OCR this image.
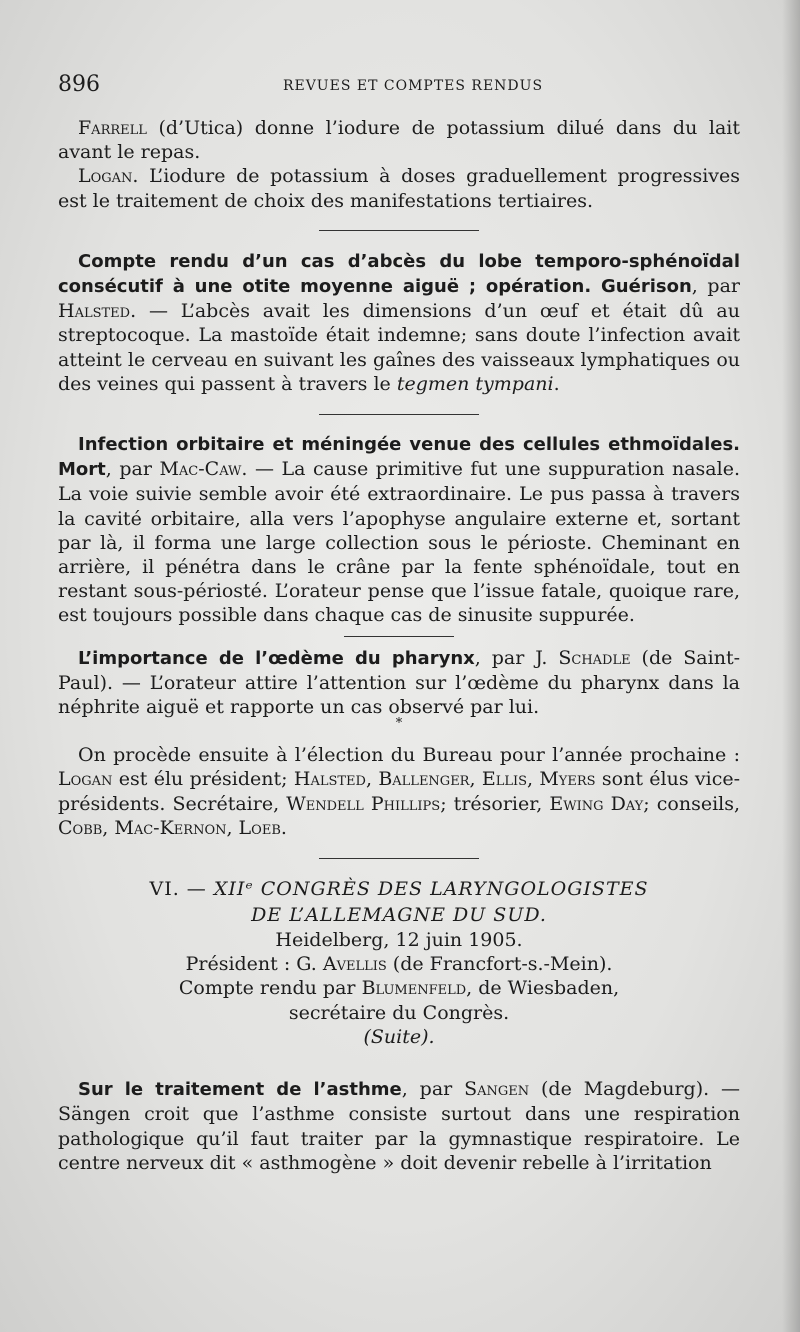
896	REVUES ET COMPTES RENDUS

Farrell (d’Utica) donne l’iodure de potassium dilué dans du lait avant le repas.

Logan. L’iodure de potassium à doses graduellement progressives est le traitement de choix des manifestations tertiaires.

Compte rendu d’un cas d’abcès du lobe temporo-sphénoïdal consécutif à une otite moyenne aiguë ; opération. Guérison, par Halsted. — L’abcès avait les dimensions d’un œuf et était dû au streptocoque. La mastoïde était indemne; sans doute l’infection avait atteint le cerveau en suivant les gaînes des vaisseaux lymphatiques ou des veines qui passent à travers le tegmen tympani.

Infection orbitaire et méningée venue des cellules ethmoïdales. Mort, par Mac-Caw. — La cause primitive fut une suppuration nasale. La voie suivie semble avoir été extraordinaire. Le pus passa à travers la cavité orbitaire, alla vers l’apophyse angulaire externe et, sortant par là, il forma une large collection sous le périoste. Cheminant en arrière, il pénétra dans le crâne par la fente sphénoïdale, tout en restant sous-périosté. L’orateur pense que l’issue fatale, quoique rare, est toujours possible dans chaque cas de sinusite suppurée.

L’importance de l’œdème du pharynx, par J. Schadle (de Saint-Paul). — L’orateur attire l’attention sur l’œdème du pharynx dans la néphrite aiguë et rapporte un cas observé par lui.

*

On procède ensuite à l’élection du Bureau pour l’année prochaine : Logan est élu président; Halsted, Ballenger, Ellis, Myers sont élus vice-présidents. Secrétaire, Wendell Phillips; trésorier, Ewing Day; conseils, Cobb, Mac-Kernon, Loeb.

VI. — XIIᵉ CONGRÈS DES LARYNGOLOGISTES
DE L’ALLEMAGNE DU SUD.
Heidelberg, 12 juin 1905.
Président : G. Avellis (de Francfort-s.-Mein).
Compte rendu par Blumenfeld, de Wiesbaden,
secrétaire du Congrès.
(Suite).

Sur le traitement de l’asthme, par Sangen (de Magdeburg). — Sängen croit que l’asthme consiste surtout dans une respiration pathologique qu’il faut traiter par la gymnastique respiratoire. Le centre nerveux dit « asthmogène » doit devenir rebelle à l’irritation
